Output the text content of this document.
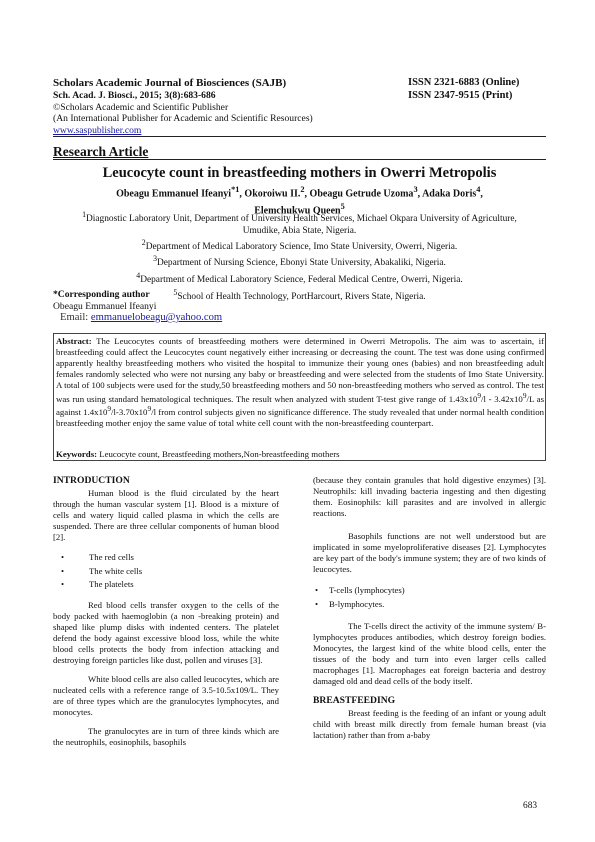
Scholars Academic Journal of Biosciences (SAJB)
Sch. Acad. J. Biosci., 2015; 3(8):683-686
©Scholars Academic and Scientific Publisher
(An International Publisher for Academic and Scientific Resources)
www.saspublisher.com
ISSN 2321-6883 (Online)
ISSN 2347-9515 (Print)
Research Article
Leucocyte count in breastfeeding mothers in Owerri Metropolis
Obeagu Emmanuel Ifeanyi$^{*1}$, Okoroiwu II.$^2$, Obeagu Getrude Uzoma$^3$, Adaka Doris$^4$,
Elemchukwu Queen$^5$
$^1$Diagnostic Laboratory Unit, Department of University Health Services, Michael Okpara University of Agriculture,
Umudike, Abia State, Nigeria.
$^2$Department of Medical Laboratory Science, Imo State University, Owerri, Nigeria.
$^3$Department of Nursing Science, Ebonyi State University, Abakaliki, Nigeria.
$^4$Department of Medical Laboratory Science, Federal Medical Centre, Owerri, Nigeria.
$^5$School of Health Technology, PortHarcourt, Rivers State, Nigeria.
*Corresponding author
Obeagu Emmanuel Ifeanyi
Email: emmanuelobeagu@yahoo.com
Abstract: The Leucocytes counts of breastfeeding mothers were determined in Owerri Metropolis. The aim was to ascertain, if breastfeeding could affect the Leucocytes count negatively either increasing or decreasing the count. The test was done using confirmed apparently healthy breastfeeding mothers who visited the hospital to immunize their young ones (babies) and non breastfeeding adult females randomly selected who were not nursing any baby or breastfeeding and were selected from the students of Imo State University. A total of 100 subjects were used for the study,50 breastfeeding mothers and 50 non-breastfeeding mothers who served as control. The test was run using standard hematological techniques. The result when analyzed with student T-test give range of $1.43x10^9/l - 3.42x10^9/L$ as against $1.4x10^9/l-3.70x10^9/l$ from control subjects given no significance difference. The study revealed that under normal health condition breastfeeding mother enjoy the same value of total white cell count with the non-breastfeeding counterpart.
Keywords: Leucocyte count, Breastfeeding mothers,Non-breastfeeding mothers
INTRODUCTION

Human blood is the fluid circulated by the heart through the human vascular system [1]. Blood is a mixture of cells and watery liquid called plasma in which the cells are suspended. There are three cellular components of human blood [2].

•	The red cells
•	The white cells
•	The platelets

Red blood cells transfer oxygen to the cells of the body packed with haemoglobin (a non -breaking protein) and shaped like plump disks with indented centers. The platelet defend the body against excessive blood loss, while the white blood cells protects the body from infection attacking and destroying foreign particles like dust, pollen and viruses [3].

White blood cells are also called leucocytes, which are nucleated cells with a reference range of 3.5-10.5x109/L. They are of three types which are the granulocytes lymphocytes, and monocytes.

The granulocytes are in turn of three kinds which are the neutrophils, eosinophils, basophils

(because they contain granules that hold digestive enzymes) [3]. Neutrophils: kill invading bacteria ingesting and then digesting them. Eosinophils: kill parasites and are involved in allergic reactions.

Basophils functions are not well understood but are implicated in some myeloproliferative diseases [2]. Lymphocytes are key part of the body's immune system; they are of two kinds of leucocytes.

• T-cells (lymphocytes)
• B-lymphocytes.

The T-cells direct the activity of the immune system/ B-lymphocytes produces antibodies, which destroy foreign bodies. Monocytes, the largest kind of the white blood cells, enter the tissues of the body and turn into even larger cells called macrophages [1]. Macrophages eat foreign bacteria and destroy damaged old and dead cells of the body itself.

BREASTFEEDING

Breast feeding is the feeding of an infant or young adult child with breast milk directly from female human breast (via lactation) rather than from a-baby

683
